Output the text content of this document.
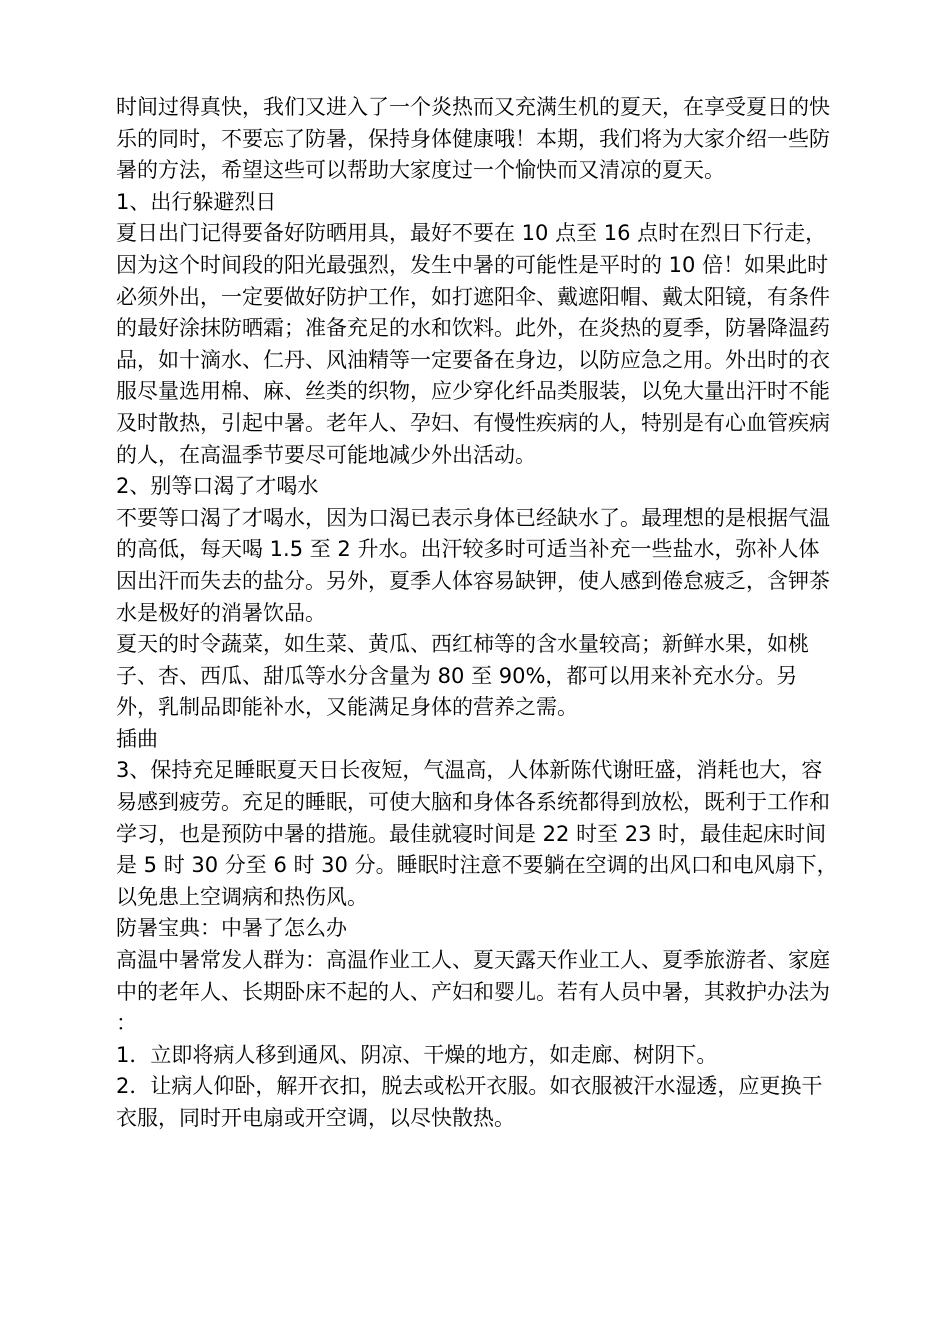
时间过得真快，我们又进入了一个炎热而又充满生机的夏天，在享受夏日的快乐的同时，不要忘了防暑，保持身体健康哦！本期，我们将为大家介绍一些防暑的方法，希望这些可以帮助大家度过一个愉快而又清凉的夏天。

1、出行躲避烈日

夏日出门记得要备好防晒用具，最好不要在 10 点至 16 点时在烈日下行走，因为这个时间段的阳光最强烈，发生中暑的可能性是平时的 10 倍！如果此时必须外出，一定要做好防护工作，如打遮阳伞、戴遮阳帽、戴太阳镜，有条件的最好涂抹防晒霜；准备充足的水和饮料。此外，在炎热的夏季，防暑降温药品，如十滴水、仁丹、风油精等一定要备在身边，以防应急之用。外出时的衣服尽量选用棉、麻、丝类的织物，应少穿化纤品类服装，以免大量出汗时不能及时散热，引起中暑。老年人、孕妇、有慢性疾病的人，特别是有心血管疾病的人，在高温季节要尽可能地减少外出活动。

2、别等口渴了才喝水

不要等口渴了才喝水，因为口渴已表示身体已经缺水了。最理想的是根据气温的高低，每天喝 1.5 至 2 升水。出汗较多时可适当补充一些盐水，弥补人体因出汗而失去的盐分。另外，夏季人体容易缺钾，使人感到倦怠疲乏，含钾茶水是极好的消暑饮品。

夏天的时令蔬菜，如生菜、黄瓜、西红柿等的含水量较高；新鲜水果，如桃子、杏、西瓜、甜瓜等水分含量为 80 至 90%，都可以用来补充水分。另外，乳制品即能补水，又能满足身体的营养之需。

插曲

3、保持充足睡眠夏天日长夜短，气温高，人体新陈代谢旺盛，消耗也大，容易感到疲劳。充足的睡眠，可使大脑和身体各系统都得到放松，既利于工作和学习，也是预防中暑的措施。最佳就寝时间是 22 时至 23 时，最佳起床时间是 5 时 30 分至 6 时 30 分。睡眠时注意不要躺在空调的出风口和电风扇下，以免患上空调病和热伤风。

防暑宝典：中暑了怎么办

高温中暑常发人群为：高温作业工人、夏天露天作业工人、夏季旅游者、家庭中的老年人、长期卧床不起的人、产妇和婴儿。若有人员中暑，其救护办法为 ：

1．立即将病人移到通风、阴凉、干燥的地方，如走廊、树阴下。

2．让病人仰卧，解开衣扣，脱去或松开衣服。如衣服被汗水湿透，应更换干衣服，同时开电扇或开空调，以尽快散热。
